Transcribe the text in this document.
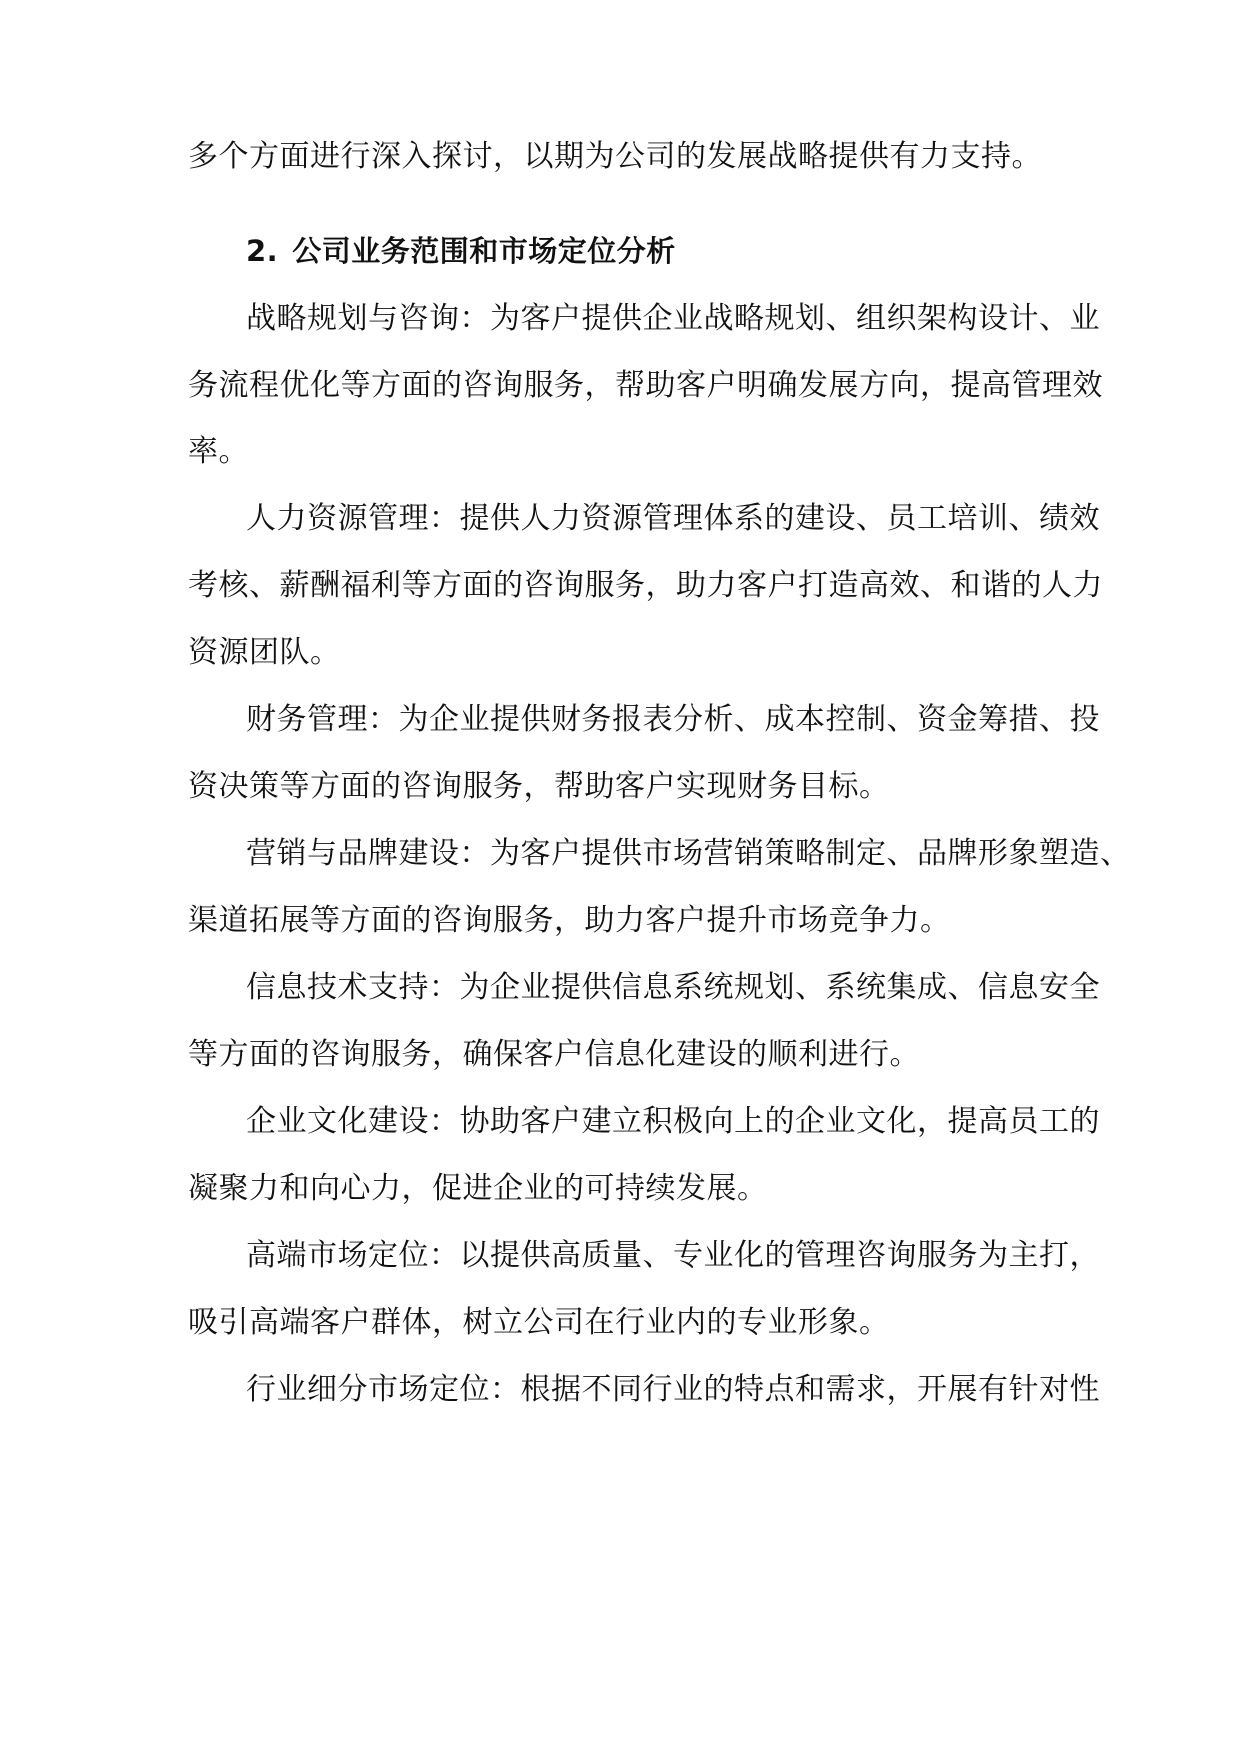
多个方面进行深入探讨，以期为公司的发展战略提供有力支持。
2. 公司业务范围和市场定位分析
战略规划与咨询：为客户提供企业战略规划、组织架构设计、业
务流程优化等方面的咨询服务，帮助客户明确发展方向，提高管理效
率。
人力资源管理：提供人力资源管理体系的建设、员工培训、绩效
考核、薪酬福利等方面的咨询服务，助力客户打造高效、和谐的人力
资源团队。
财务管理：为企业提供财务报表分析、成本控制、资金筹措、投
资决策等方面的咨询服务，帮助客户实现财务目标。
营销与品牌建设：为客户提供市场营销策略制定、品牌形象塑造、
渠道拓展等方面的咨询服务，助力客户提升市场竞争力。
信息技术支持：为企业提供信息系统规划、系统集成、信息安全
等方面的咨询服务，确保客户信息化建设的顺利进行。
企业文化建设：协助客户建立积极向上的企业文化，提高员工的
凝聚力和向心力，促进企业的可持续发展。
高端市场定位：以提供高质量、专业化的管理咨询服务为主打，
吸引高端客户群体，树立公司在行业内的专业形象。
行业细分市场定位：根据不同行业的特点和需求，开展有针对性
